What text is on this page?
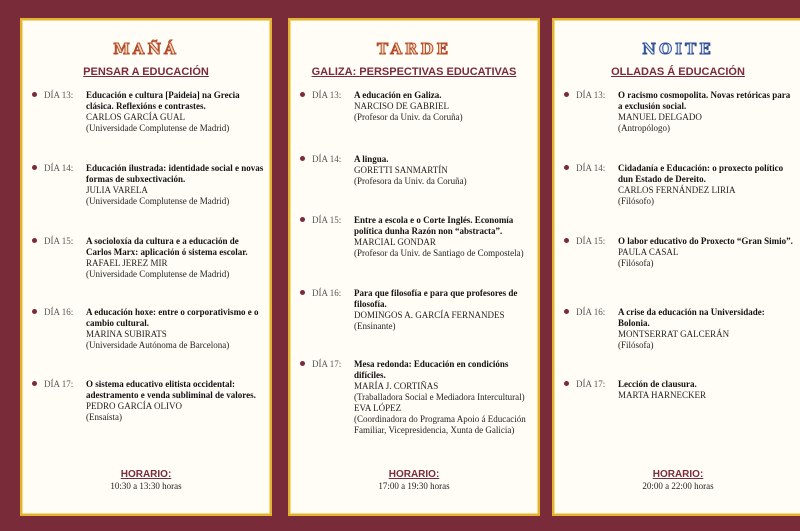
MAÑÁ
PENSAR A EDUCACIÓN
DÍA 13: Educación e cultura [Paideia] na Grecia clásica. Reflexións e contrastes.
CARLOS GARCÍA GUAL
(Universidade Complutense de Madrid)
DÍA 14: Educación ilustrada: identidade social e novas formas de subxectivación.
JULIA VARELA
(Universidade Complutense de Madrid)
DÍA 15: A socioloxía da cultura e a educación de Carlos Marx: aplicación ó sistema escolar.
RAFAEL JEREZ MIR
(Universidade Complutense de Madrid)
DÍA 16: A educación hoxe: entre o corporativismo e o cambio cultural.
MARINA SUBIRATS
(Universidade Autónoma de Barcelona)
DÍA 17: O sistema educativo elitista occidental: adestramento e venda subliminal de valores.
PEDRO GARCÍA OLIVO
(Ensaísta)
HORARIO:
10:30 a 13:30 horas
TARDE
GALIZA: PERSPECTIVAS EDUCATIVAS
DÍA 13: A educación en Galiza.
NARCISO DE GABRIEL
(Profesor da Univ. da Coruña)
DÍA 14: A lingua.
GORETTI SANMARTÍN
(Profesora da Univ. da Coruña)
DÍA 15: Entre a escola e o Corte Inglés. Economía política dunha Razón non “abstracta”.
MARCIAL GONDAR
(Profesor da Univ. de Santiago de Compostela)
DÍA 16: Para que filosofía e para que profesores de filosofía.
DOMINGOS A. GARCÍA FERNANDES
(Ensinante)
DÍA 17: Mesa redonda: Educación en condicións difíciles.
MARÍA J. CORTIÑAS
(Traballadora Social e Mediadora Intercultural)
EVA LÓPEZ
(Coordinadora do Programa Apoio á Educación Familiar, Vicepresidencia, Xunta de Galicia)
HORARIO:
17:00 a 19:30 horas
NOITE
OLLADAS Á EDUCACIÓN
DÍA 13: O racismo cosmopolita. Novas retóricas para a exclusión social.
MANUEL DELGADO
(Antropólogo)
DÍA 14: Cidadanía e Educación: o proxecto político dun Estado de Dereito.
CARLOS FERNÁNDEZ LIRIA
(Filósofo)
DÍA 15: O labor educativo do Proxecto “Gran Simio”.
PAULA CASAL
(Filósofa)
DÍA 16: A crise da educación na Universidade: Bolonia.
MONTSERRAT GALCERÁN
(Filósofa)
DÍA 17: Lección de clausura.
MARTA HARNECKER
HORARIO:
20:00 a 22:00 horas
